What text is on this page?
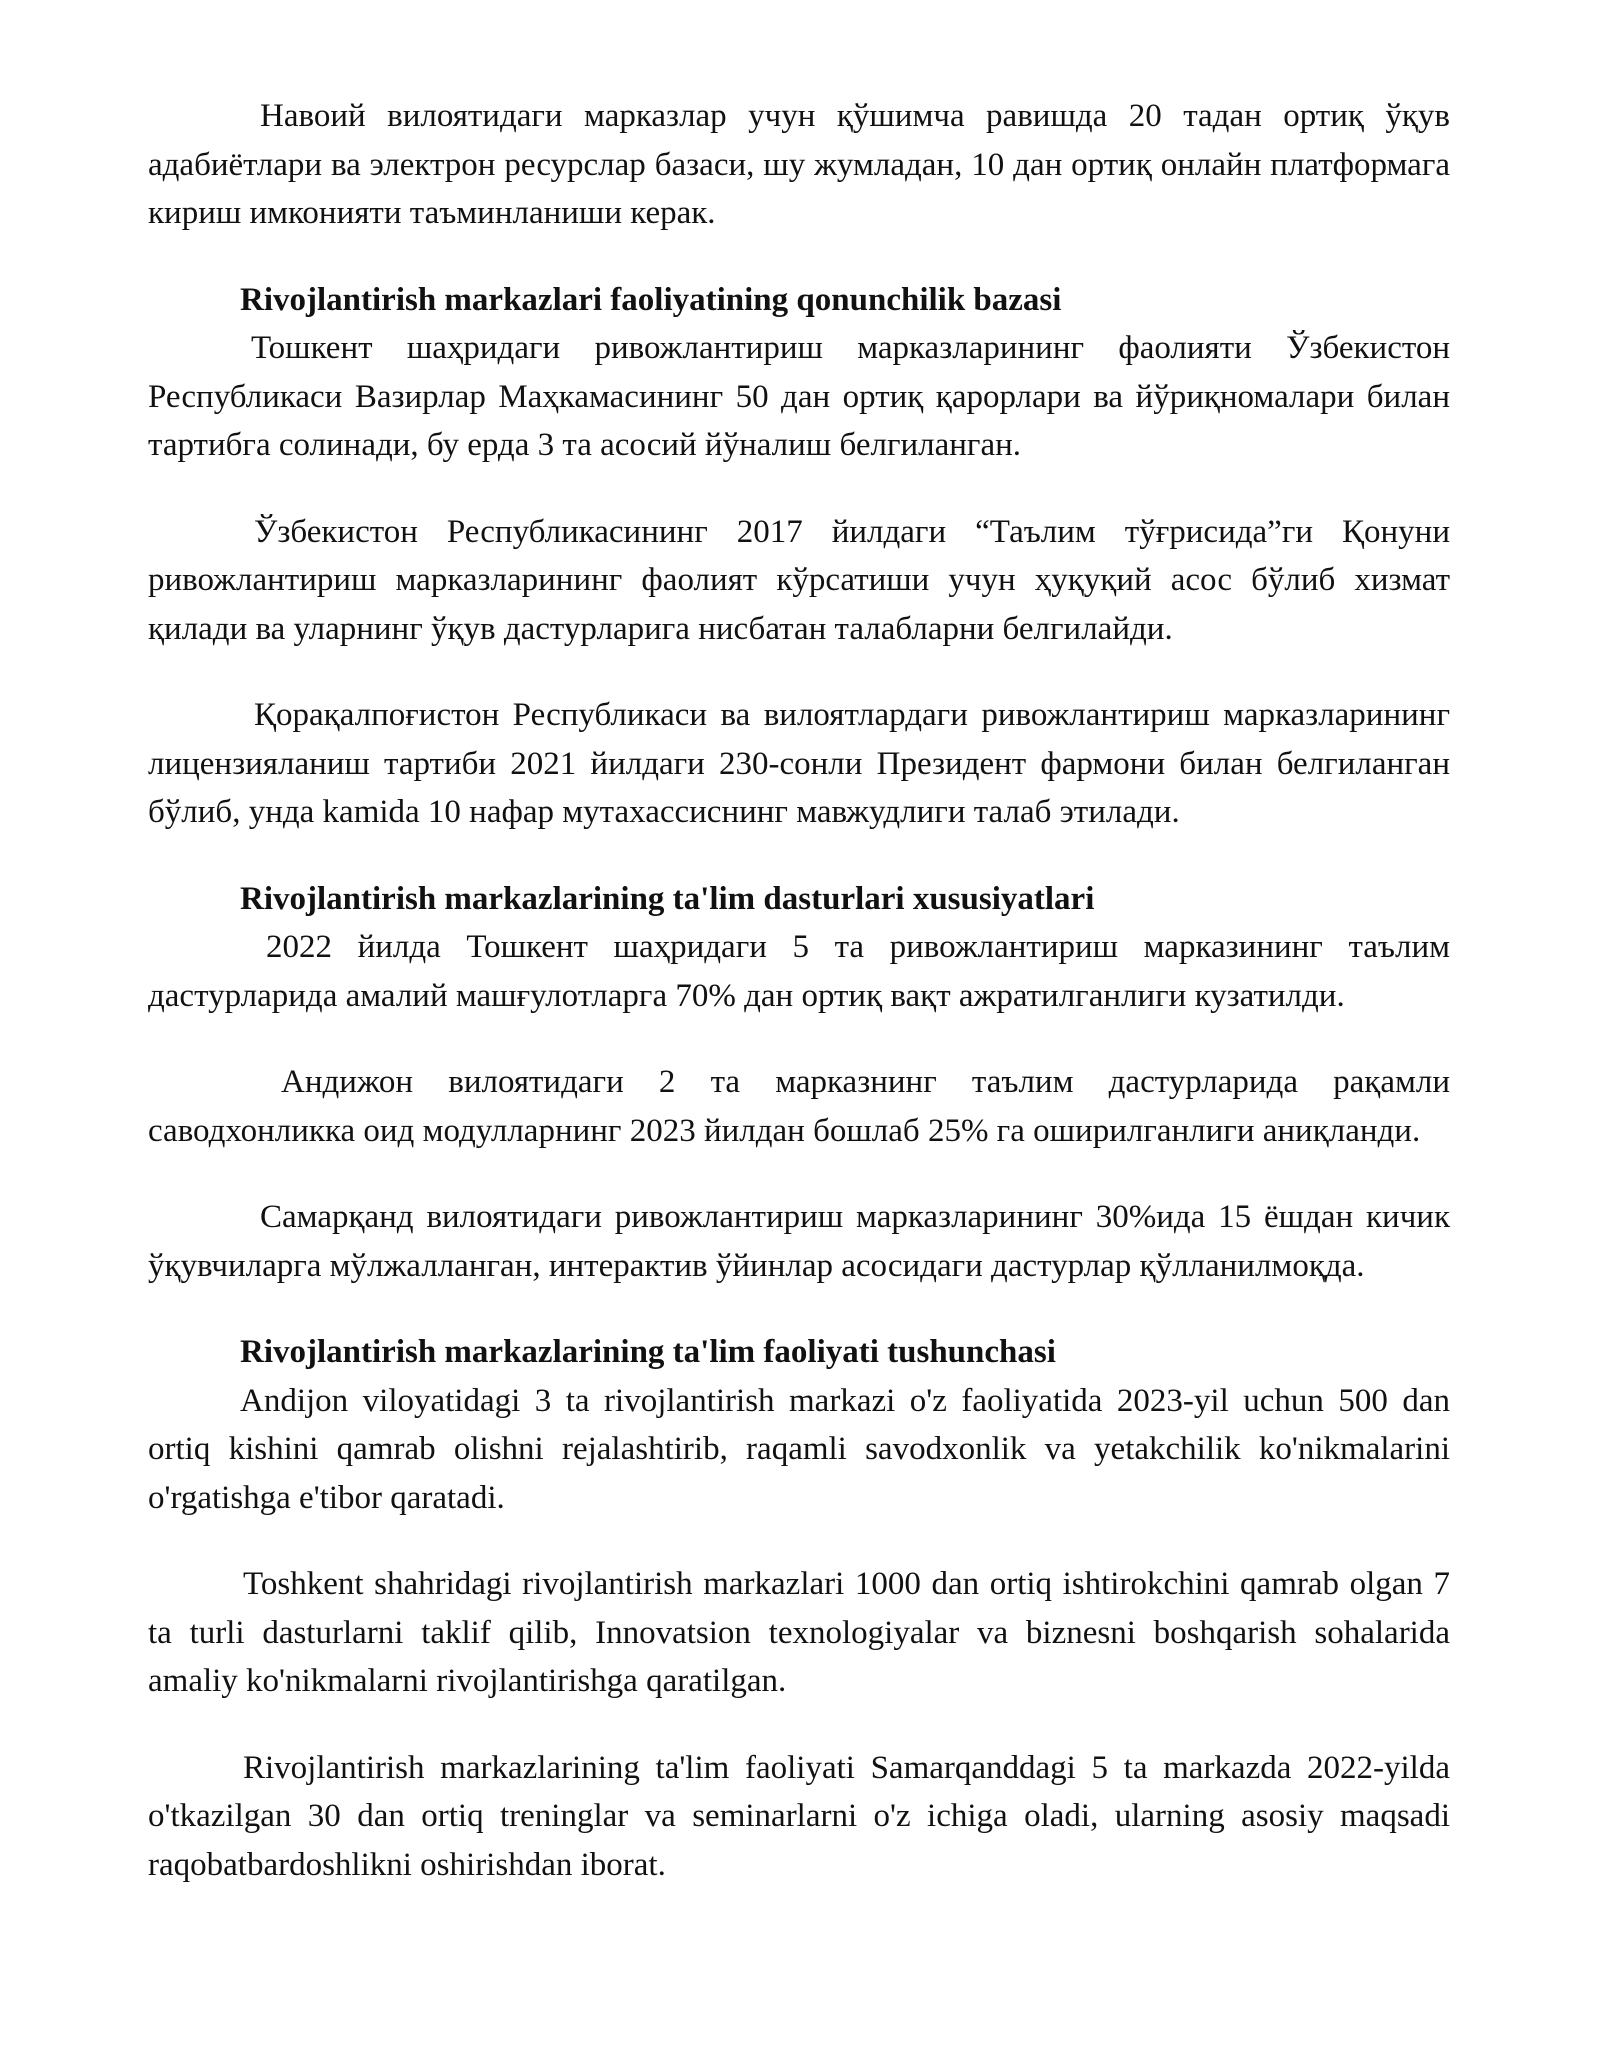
Навоий вилоятидаги марказлар учун қўшимча равишда 20 тадан ортиқ ўқув адабиётлари ва электрон ресурслар базаси, шу жумладан, 10 дан ортиқ онлайн платформага кириш имконияти таъминланиши керак.

Rivojlantirish markazlari faoliyatining qonunchilik bazasi

Тошкент шаҳридаги ривожлантириш марказларининг фаолияти Ўзбекистон Республикаси Вазирлар Маҳкамасининг 50 дан ортиқ қарорлари ва йўриқномалари билан тартибга солинади, бу ерда 3 та асосий йўналиш белгиланган.

Ўзбекистон Республикасининг 2017 йилдаги “Таълим тўғрисида”ги Қонуни ривожлантириш марказларининг фаолият кўрсатиши учун ҳуқуқий асос бўлиб хизмат қилади ва уларнинг ўқув дастурларига нисбатан талабларни белгилайди.

Қорақалпоғистон Республикаси ва вилоятлардаги ривожлантириш марказларининг лицензияланиш тартиби 2021 йилдаги 230-сонли Президент фармони билан белгиланган бўлиб, унда kamida 10 нафар мутахассиснинг мавжудлиги талаб этилади.

Rivojlantirish markazlarining ta'lim dasturlari xususiyatlari

2022 йилда Тошкент шаҳридаги 5 та ривожлантириш марказининг таълим дастурларида амалий машғулотларга 70% дан ортиқ вақт ажратилганлиги кузатилди.

Андижон вилоятидаги 2 та марказнинг таълим дастурларида рақамли саводхонликка оид модулларнинг 2023 йилдан бошлаб 25% га оширилганлиги аниқланди.

Самарқанд вилоятидаги ривожлантириш марказларининг 30%ида 15 ёшдан кичик ўқувчиларга мўлжалланган, интерактив ўйинлар асосидаги дастурлар қўлланилмоқда.

Rivojlantirish markazlarining ta'lim faoliyati tushunchasi

Andijon viloyatidagi 3 ta rivojlantirish markazi o'z faoliyatida 2023-yil uchun 500 dan ortiq kishini qamrab olishni rejalashtirib, raqamli savodxonlik va yetakchilik ko'nikmalarini o'rgatishga e'tibor qaratadi.

Toshkent shahridagi rivojlantirish markazlari 1000 dan ortiq ishtirokchini qamrab olgan 7 ta turli dasturlarni taklif qilib, Innovatsion texnologiyalar va biznesni boshqarish sohalarida amaliy ko'nikmalarni rivojlantirishga qaratilgan.

Rivojlantirish markazlarining ta'lim faoliyati Samarqanddagi 5 ta markazda 2022-yilda o'tkazilgan 30 dan ortiq treninglar va seminarlarni o'z ichiga oladi, ularning asosiy maqsadi raqobatbardoshlikni oshirishdan iborat.
